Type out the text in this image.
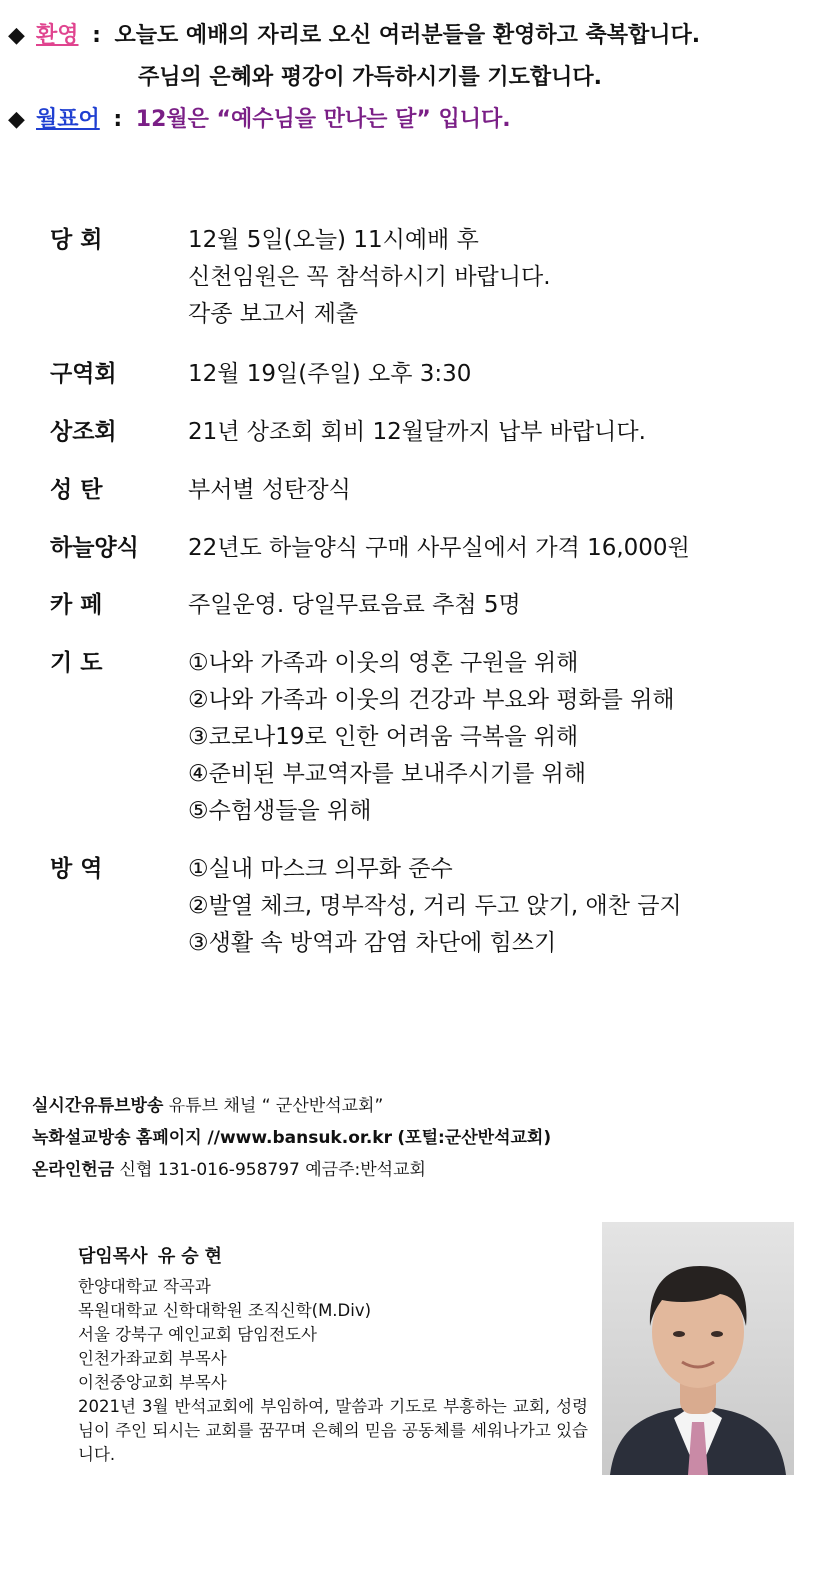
◆ 환영 : 오늘도 예배의 자리로 오신 여러분들을 환영하고 축복합니다.
주님의 은혜와 평강이 가득하시기를 기도합니다.
◆ 월표어 : 12월은 “예수님을 만나는 달” 입니다.
당 회	12월 5일(오늘) 11시예배 후
신천임원은 꼭 참석하시기 바랍니다.
각종 보고서 제출
구역회	12월 19일(주일) 오후 3:30
상조회	21년 상조회 회비 12월달까지 납부 바랍니다.
성 탄	부서별 성탄장식
하늘양식	22년도 하늘양식 구매 사무실에서 가격 16,000원
카 페	주일운영. 당일무료음료 추첨 5명
기 도	①나와 가족과 이웃의 영혼 구원을 위해
②나와 가족과 이웃의 건강과 부요와 평화를 위해
③코로나19로 인한 어려움 극복을 위해
④준비된 부교역자를 보내주시기를 위해
⑤수험생들을 위해
방 역	①실내 마스크 의무화 준수
②발열 체크, 명부작성, 거리 두고 앉기, 애찬 금지
③생활 속 방역과 감염 차단에 힘쓰기
실시간유튜브방송 유튜브 채널 “ 군산반석교회”
녹화설교방송 홈페이지 //www.bansuk.or.kr (포털:군산반석교회)
온라인헌금 신협 131-016-958797 예금주:반석교회
담임목사 유승현
한양대학교 작곡과
목원대학교 신학대학원 조직신학(M.Div)
서울 강북구 예인교회 담임전도사
인천가좌교회 부목사
이천중앙교회 부목사
2021년 3월 반석교회에 부임하여, 말씀과 기도로 부흥하는 교회, 성령님이 주인 되시는 교회를 꿈꾸며 은혜의 믿음 공동체를 세워나가고 있습니다.
